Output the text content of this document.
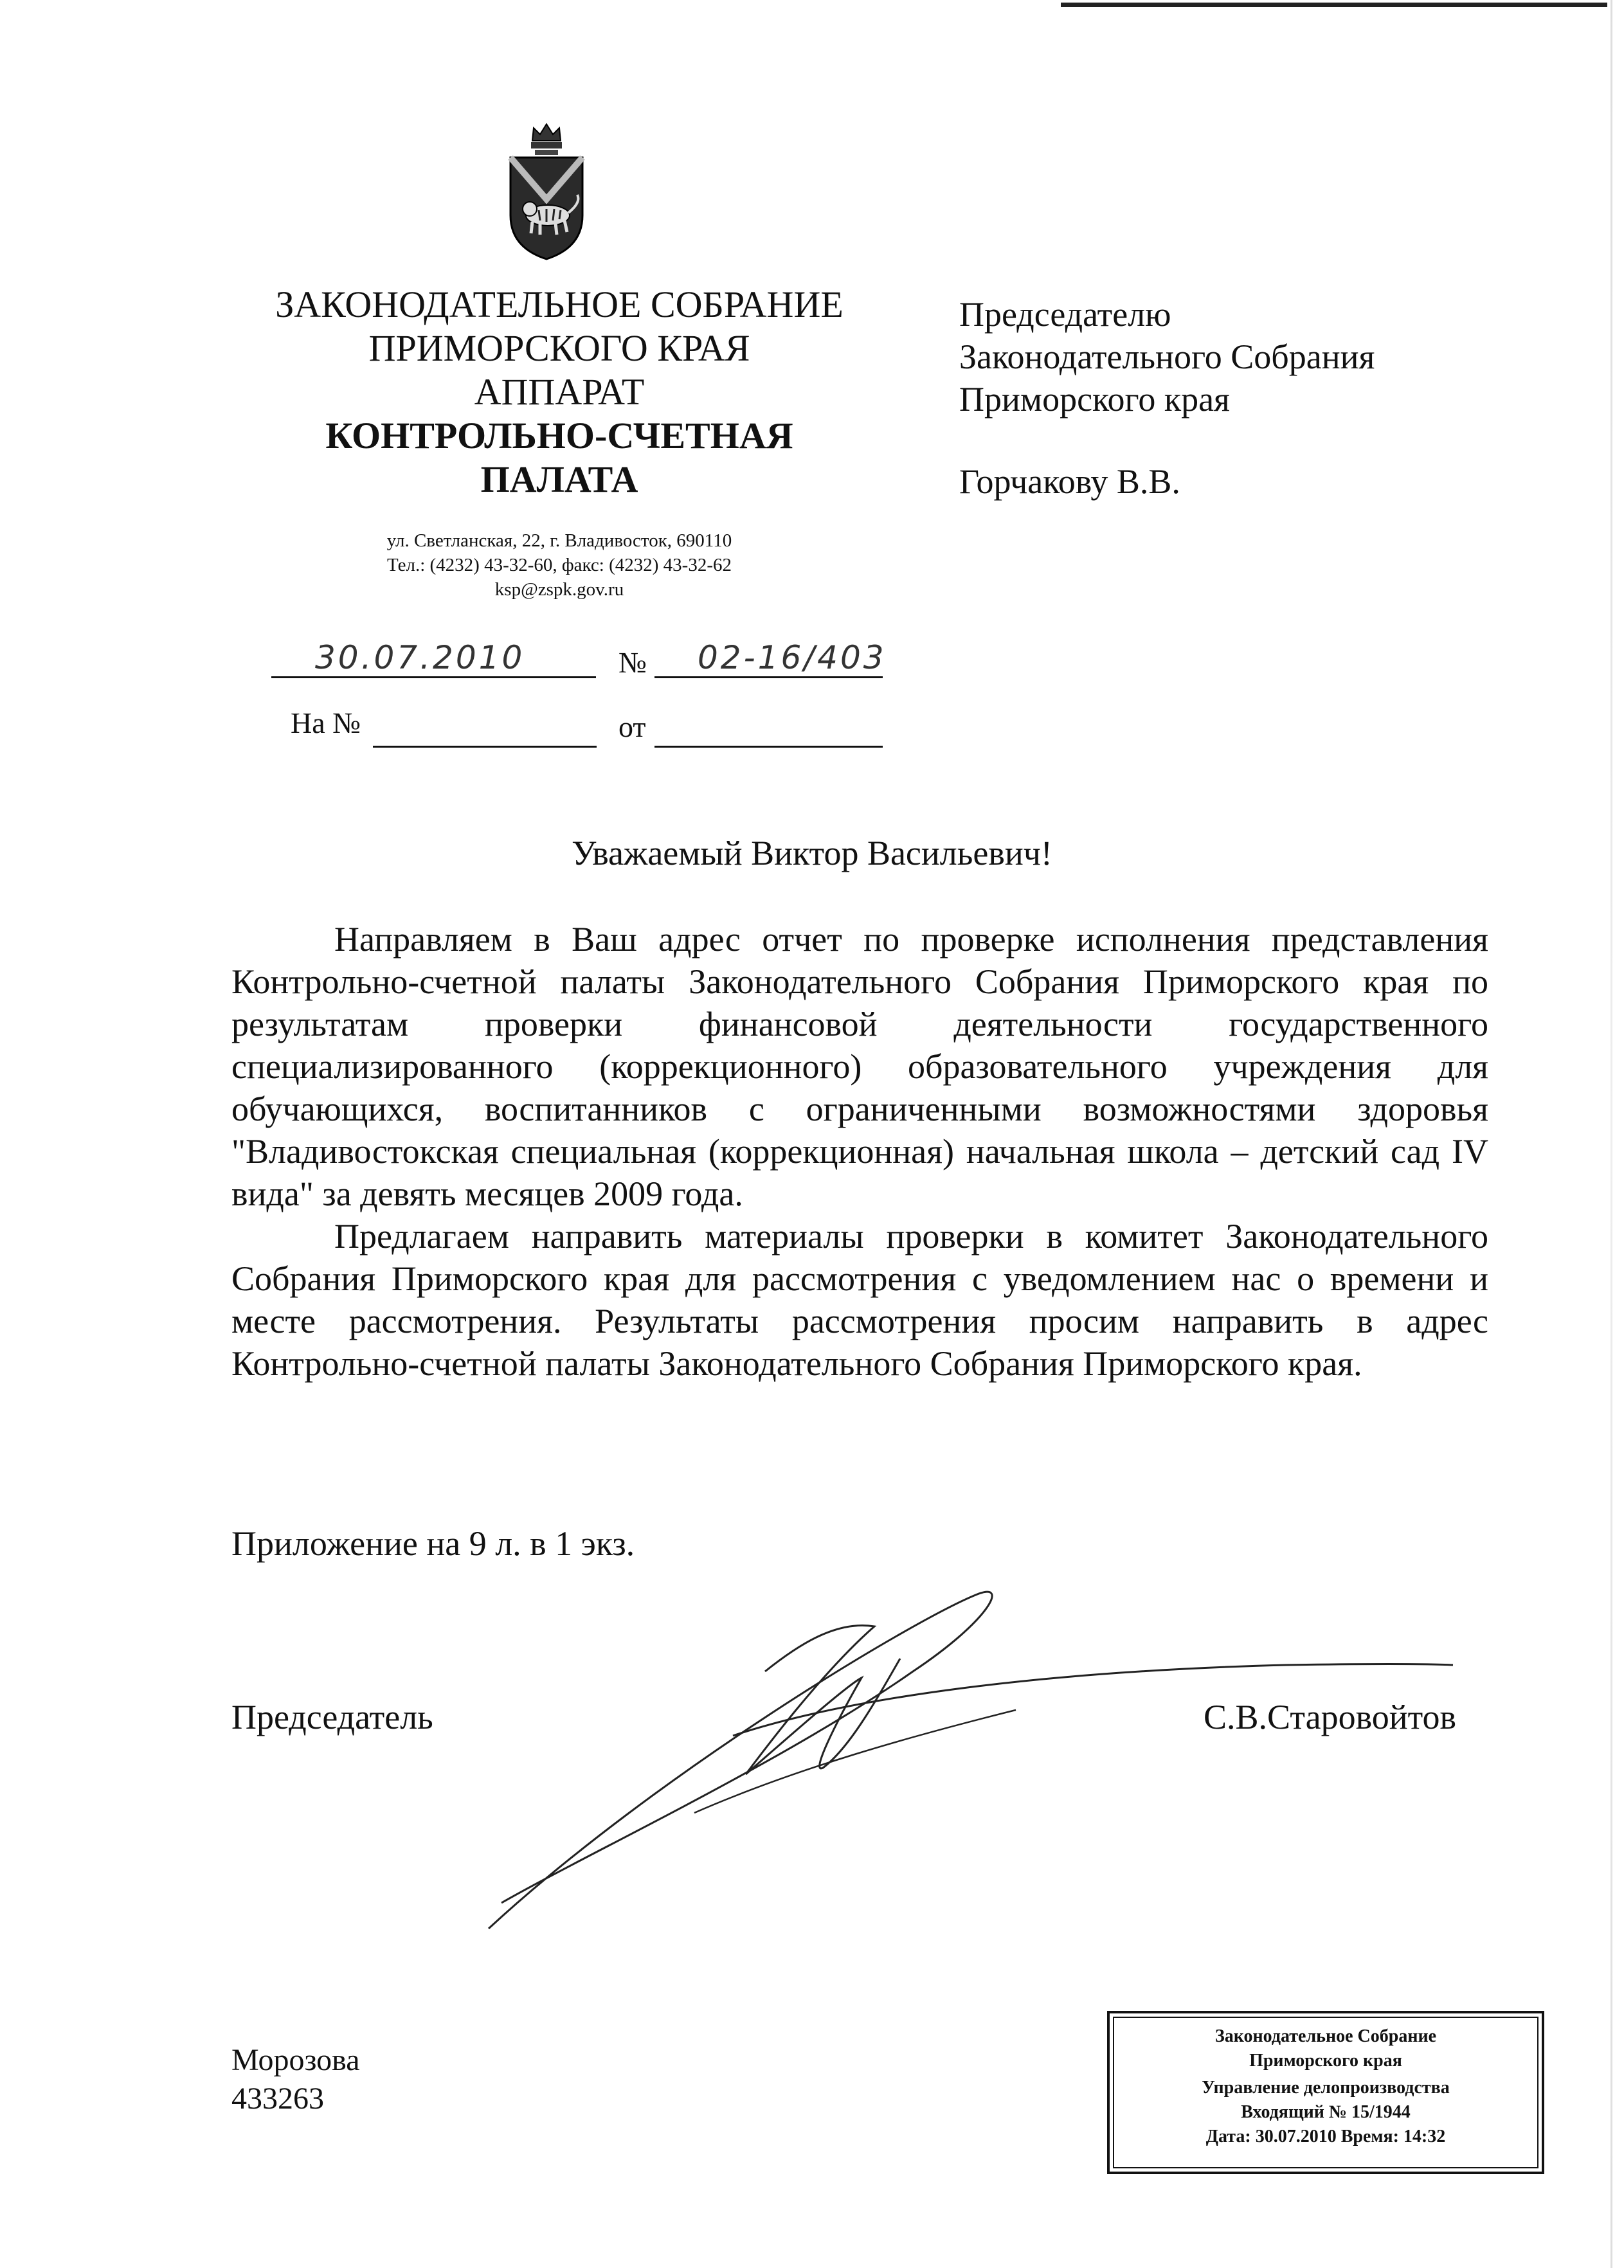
ЗАКОНОДАТЕЛЬНОЕ СОБРАНИЕ
ПРИМОРСКОГО КРАЯ
АППАРАТ
КОНТРОЛЬНО-СЧЕТНАЯ
ПАЛАТА
ул. Светланская, 22, г. Владивосток, 690110
Тел.: (4232) 43-32-60, факс: (4232) 43-32-62
ksp@zspk.gov.ru
Председателю
Законодательного Собрания
Приморского края
Горчакову В.В.
30.07.2010	№ 02-16/403
На №	от
Уважаемый Виктор Васильевич!

Направляем в Ваш адрес отчет по проверке исполнения представления Контрольно-счетной палаты Законодательного Собрания Приморского края по результатам проверки финансовой деятельности государственного специализированного (коррекционного) образовательного учреждения для обучающихся, воспитанников с ограниченными возможностями здоровья "Владивостокская специальная (коррекционная) начальная школа – детский сад IV вида" за девять месяцев 2009 года.

Предлагаем направить материалы проверки в комитет Законодательного Собрания Приморского края для рассмотрения с уведомлением нас о времени и месте рассмотрения. Результаты рассмотрения просим направить в адрес Контрольно-счетной палаты Законодательного Собрания Приморского края.

Приложение на 9 л. в 1 экз.
Председатель	С.В.Старовойтов
Морозова
433263
Законодательное Собрание
Приморского края
Управление делопроизводства
Входящий № 15/1944
Дата: 30.07.2010 Время: 14:32
